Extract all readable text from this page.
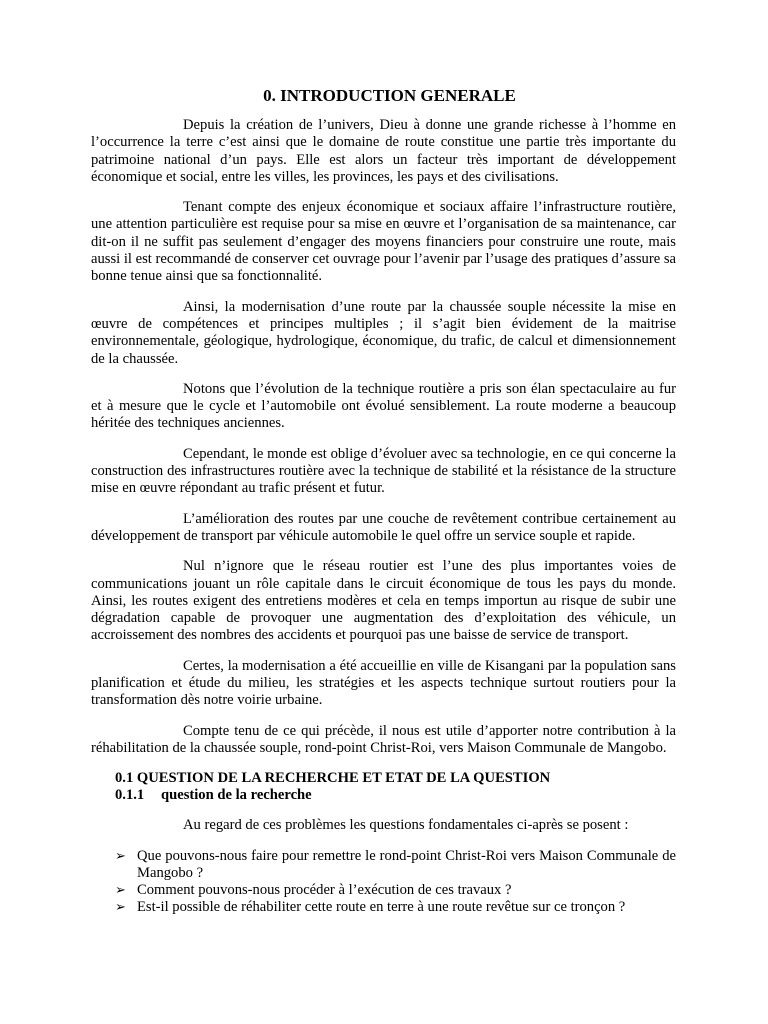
0. INTRODUCTION GENERALE

Depuis la création de l’univers, Dieu à donne une grande richesse à l’homme en l’occurrence la terre c’est ainsi que le domaine de route constitue une partie très importante du patrimoine national d’un pays. Elle est alors un facteur très important de développement économique et social, entre les villes, les provinces, les pays et des civilisations.

Tenant compte des enjeux économique et sociaux affaire l’infrastructure routière, une attention particulière est requise pour sa mise en œuvre et l’organisation de sa maintenance, car dit-on il ne suffit pas seulement d’engager des moyens financiers pour construire une route, mais aussi il est recommandé de conserver cet ouvrage pour l’avenir par l’usage des pratiques d’assure sa bonne tenue ainsi que sa fonctionnalité.

Ainsi, la modernisation d’une route par la chaussée souple nécessite la mise en œuvre de compétences et principes multiples ; il s’agit bien évidement de la maitrise environnementale, géologique, hydrologique, économique, du trafic, de calcul et dimensionnement de la chaussée.

Notons que l’évolution de la technique routière a pris son élan spectaculaire au fur et à mesure que le cycle et l’automobile ont évolué sensiblement. La route moderne a beaucoup héritée des techniques anciennes.

Cependant, le monde est oblige d’évoluer avec sa technologie, en ce qui concerne la construction des infrastructures routière avec la technique de stabilité et la résistance de la structure mise en œuvre répondant au trafic présent et futur.

L’amélioration des routes par une couche de revêtement contribue certainement au développement de transport par véhicule automobile le quel offre un service souple et rapide.

Nul n’ignore que le réseau routier est l’une des plus importantes voies de communications jouant un rôle capitale dans le circuit économique de tous les pays du monde. Ainsi, les routes exigent des entretiens modères et cela en temps importun au risque de subir une dégradation capable de provoquer une augmentation des d’exploitation des véhicule, un accroissement des nombres des accidents et pourquoi pas une baisse de service de transport.

Certes, la modernisation a été accueillie en ville de Kisangani par la population sans planification et étude du milieu, les stratégies et les aspects technique surtout routiers pour la transformation dès notre voirie urbaine.

Compte tenu de ce qui précède, il nous est utile d’apporter notre contribution à la réhabilitation de la chaussée souple, rond-point Christ-Roi, vers Maison Communale de Mangobo.

0.1 QUESTION DE LA RECHERCHE ET ETAT DE LA QUESTION
0.1.1 question de la recherche

Au regard de ces problèmes les questions fondamentales ci-après se posent :

➢ Que pouvons-nous faire pour remettre le rond-point Christ-Roi vers Maison Communale de Mangobo ?
➢ Comment pouvons-nous procéder à l’exécution de ces travaux ?
➢ Est-il possible de réhabiliter cette route en terre à une route revêtue sur ce tronçon ?
